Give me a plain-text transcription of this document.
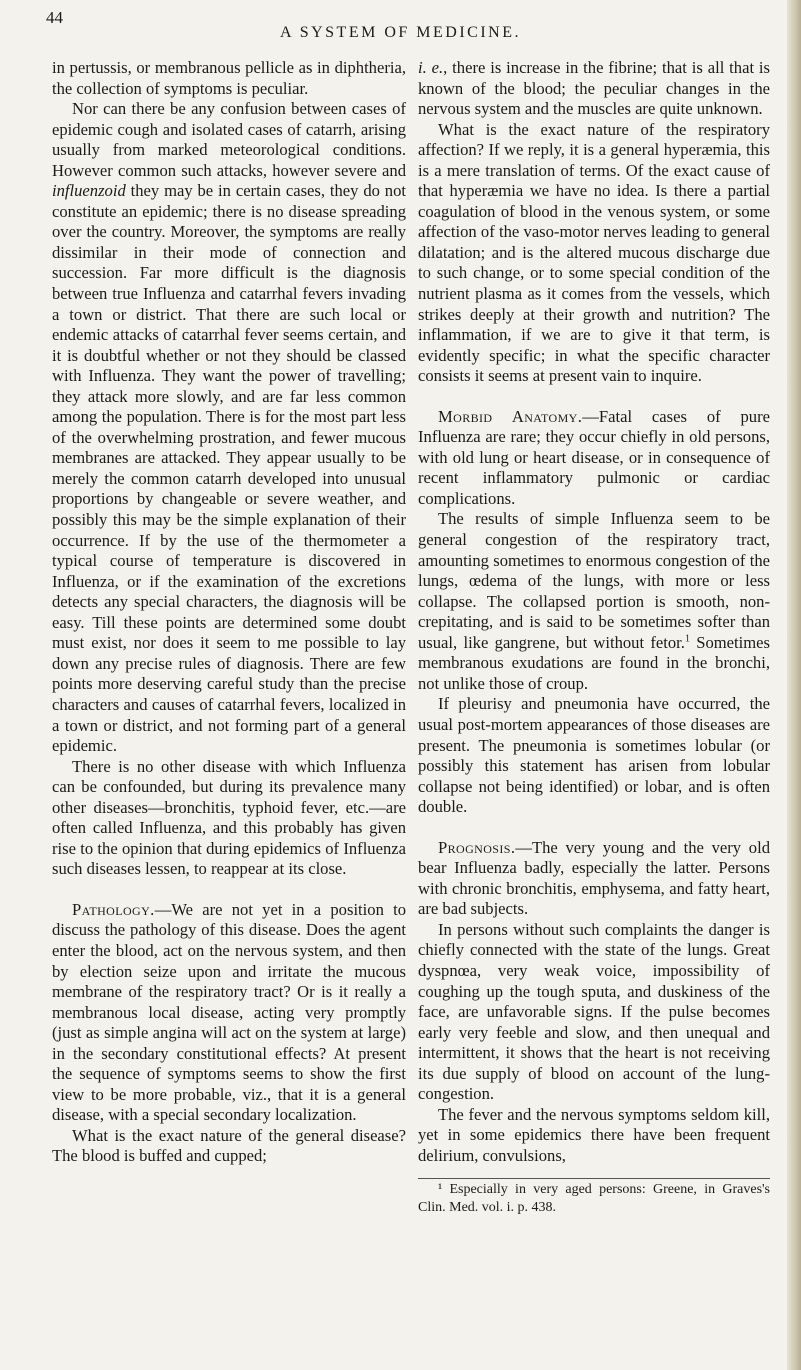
44
A SYSTEM OF MEDICINE.

in pertussis, or membranous pellicle as in diphtheria, the collection of symptoms is peculiar.

Nor can there be any confusion between cases of epidemic cough and isolated cases of catarrh, arising usually from marked meteorological conditions. However common such attacks, however severe and influenzoid they may be in certain cases, they do not constitute an epidemic; there is no disease spreading over the country. Moreover, the symptoms are really dissimilar in their mode of connection and succession. Far more difficult is the diagnosis between true Influenza and catarrhal fevers invading a town or district. That there are such local or endemic attacks of catarrhal fever seems certain, and it is doubtful whether or not they should be classed with Influenza. They want the power of travelling; they attack more slowly, and are far less common among the population. There is for the most part less of the overwhelming prostration, and fewer mucous membranes are attacked. They appear usually to be merely the common catarrh developed into unusual proportions by changeable or severe weather, and possibly this may be the simple explanation of their occurrence. If by the use of the thermometer a typical course of temperature is discovered in Influenza, or if the examination of the excretions detects any special characters, the diagnosis will be easy. Till these points are determined some doubt must exist, nor does it seem to me possible to lay down any precise rules of diagnosis. There are few points more deserving careful study than the precise characters and causes of catarrhal fevers, localized in a town or district, and not forming part of a general epidemic.

There is no other disease with which Influenza can be confounded, but during its prevalence many other diseases—bronchitis, typhoid fever, etc.—are often called Influenza, and this probably has given rise to the opinion that during epidemics of Influenza such diseases lessen, to reappear at its close.

Pathology.—We are not yet in a position to discuss the pathology of this disease. Does the agent enter the blood, act on the nervous system, and then by election seize upon and irritate the mucous membrane of the respiratory tract? Or is it really a membranous local disease, acting very promptly (just as simple angina will act on the system at large) in the secondary constitutional effects? At present the sequence of symptoms seems to show the first view to be more probable, viz., that it is a general disease, with a special secondary localization.

What is the exact nature of the general disease? The blood is buffed and cupped;

i. e., there is increase in the fibrine; that is all that is known of the blood; the peculiar changes in the nervous system and the muscles are quite unknown.

What is the exact nature of the respiratory affection? If we reply, it is a general hyperæmia, this is a mere translation of terms. Of the exact cause of that hyperæmia we have no idea. Is there a partial coagulation of blood in the venous system, or some affection of the vaso-motor nerves leading to general dilatation; and is the altered mucous discharge due to such change, or to some special condition of the nutrient plasma as it comes from the vessels, which strikes deeply at their growth and nutrition? The inflammation, if we are to give it that term, is evidently specific; in what the specific character consists it seems at present vain to inquire.

Morbid Anatomy.—Fatal cases of pure Influenza are rare; they occur chiefly in old persons, with old lung or heart disease, or in consequence of recent inflammatory pulmonic or cardiac complications.

The results of simple Influenza seem to be general congestion of the respiratory tract, amounting sometimes to enormous congestion of the lungs, œdema of the lungs, with more or less collapse. The collapsed portion is smooth, non-crepitating, and is said to be sometimes softer than usual, like gangrene, but without fetor.$^1$ Sometimes membranous exudations are found in the bronchi, not unlike those of croup.

If pleurisy and pneumonia have occurred, the usual post-mortem appearances of those diseases are present. The pneumonia is sometimes lobular (or possibly this statement has arisen from lobular collapse not being identified) or lobar, and is often double.

Prognosis.—The very young and the very old bear Influenza badly, especially the latter. Persons with chronic bronchitis, emphysema, and fatty heart, are bad subjects.

In persons without such complaints the danger is chiefly connected with the state of the lungs. Great dyspnœa, very weak voice, impossibility of coughing up the tough sputa, and duskiness of the face, are unfavorable signs. If the pulse becomes early very feeble and slow, and then unequal and intermittent, it shows that the heart is not receiving its due supply of blood on account of the lung-congestion.

The fever and the nervous symptoms seldom kill, yet in some epidemics there have been frequent delirium, convulsions,

¹ Especially in very aged persons: Greene, in Graves's Clin. Med. vol. i. p. 438.
